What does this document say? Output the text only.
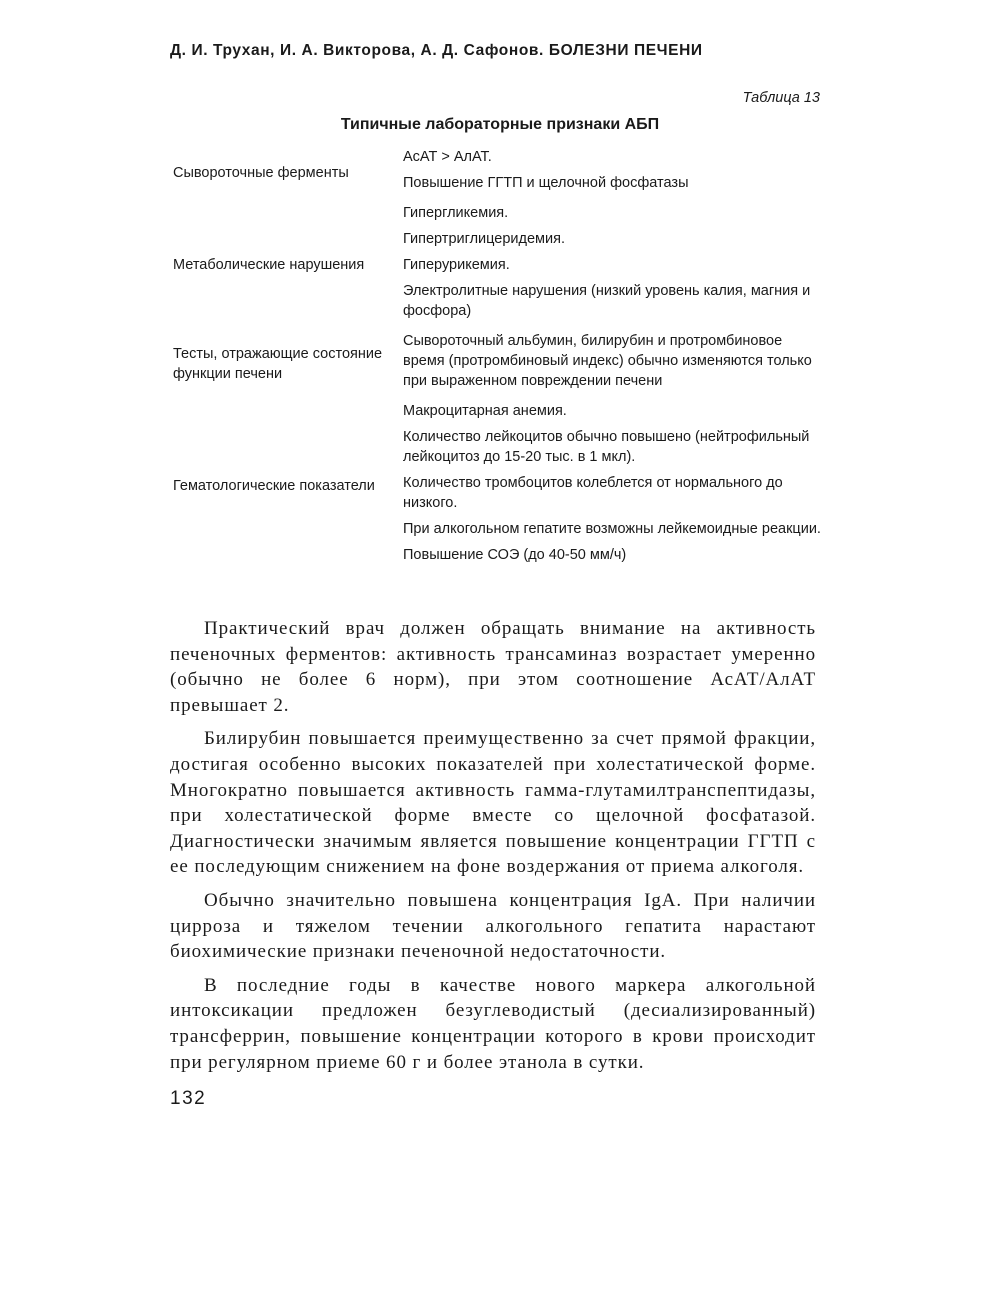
Д. И. Трухан, И. А. Викторова, А. Д. Сафонов. БОЛЕЗНИ ПЕЧЕНИ
Таблица 13
Типичные лабораторные признаки АБП
Сывороточные ферменты
АсАТ > АлАТ.
Повышение ГГТП и щелочной фосфатазы
Метаболические нарушения
Гипергликемия.
Гипертриглицеридемия.
Гиперурикемия.
Электролитные нарушения (низкий уровень калия, магния и фосфора)
Тесты, отражающие состояние функции печени
Сывороточный альбумин, билирубин и протромбиновое время (протромбиновый индекс) обычно изменяются только при выраженном повреждении печени
Гематологические показатели
Макроцитарная анемия.
Количество лейкоцитов обычно повышено (нейтрофильный лейкоцитоз до 15-20 тыс. в 1 мкл).
Количество тромбоцитов колеблется от нормального до низкого.
При алкогольном гепатите возможны лейкемоидные реакции.
Повышение СОЭ (до 40-50 мм/ч)

Практический врач должен обращать внимание на активность печеночных ферментов: активность трансаминаз возрастает умеренно (обычно не более 6 норм), при этом соотношение АсАТ/АлАТ превышает 2.

Билирубин повышается преимущественно за счет прямой фракции, достигая особенно высоких показателей при холестатической форме. Многократно повышается активность гамма-глутамилтранспептидазы, при холестатической форме вместе со щелочной фосфатазой. Диагностически значимым является повышение концентрации ГГТП с ее последующим снижением на фоне воздержания от приема алкоголя.

Обычно значительно повышена концентрация IgA. При наличии цирроза и тяжелом течении алкогольного гепатита нарастают биохимические признаки печеночной недостаточности.

В последние годы в качестве нового маркера алкогольной интоксикации предложен безуглеводистый (десиализированный) трансферрин, повышение концентрации которого в крови происходит при регулярном приеме 60 г и более этанола в сутки.

132
